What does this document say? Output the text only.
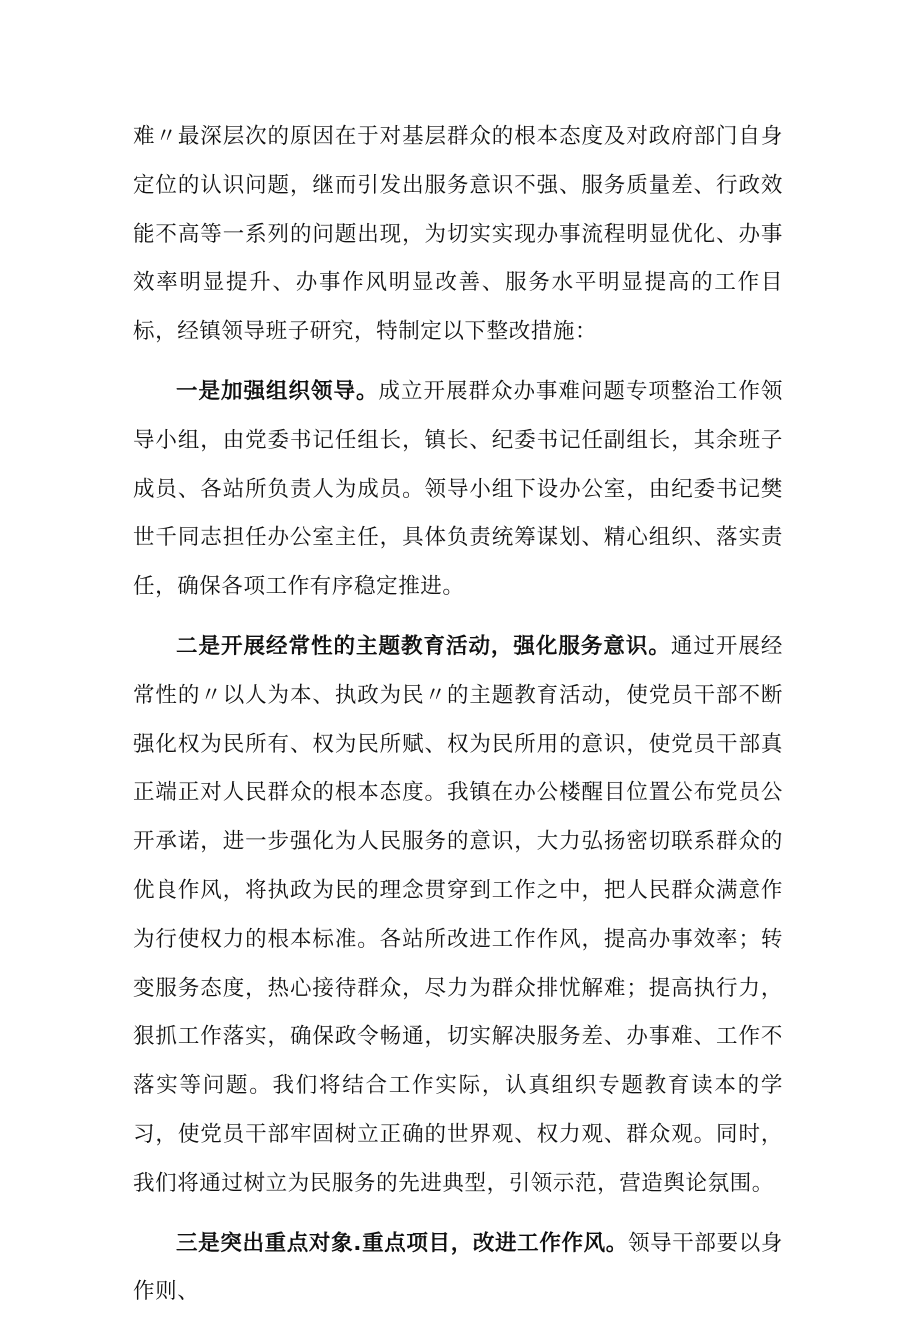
难〃最深层次的原因在于对基层群众的根本态度及对政府部门自身定位的认识问题，继而引发出服务意识不强、服务质量差、行政效能不高等一系列的问题出现，为切实实现办事流程明显优化、办事效率明显提升、办事作风明显改善、服务水平明显提高的工作目标，经镇领导班子研究，特制定以下整改措施：

一是加强组织领导。成立开展群众办事难问题专项整治工作领导小组，由党委书记任组长，镇长、纪委书记任副组长，其余班子成员、各站所负责人为成员。领导小组下设办公室，由纪委书记樊世千同志担任办公室主任，具体负责统筹谋划、精心组织、落实责任，确保各项工作有序稳定推进。

二是开展经常性的主题教育活动，强化服务意识。通过开展经常性的〃以人为本、执政为民〃的主题教育活动，使党员干部不断强化权为民所有、权为民所赋、权为民所用的意识，使党员干部真正端正对人民群众的根本态度。我镇在办公楼醒目位置公布党员公开承诺，进一步强化为人民服务的意识，大力弘扬密切联系群众的优良作风，将执政为民的理念贯穿到工作之中，把人民群众满意作为行使权力的根本标准。各站所改进工作作风，提高办事效率；转变服务态度，热心接待群众，尽力为群众排忧解难；提高执行力，狠抓工作落实，确保政令畅通，切实解决服务差、办事难、工作不落实等问题。我们将结合工作实际，认真组织专题教育读本的学习，使党员干部牢固树立正确的世界观、权力观、群众观。同时，我们将通过树立为民服务的先进典型，引领示范，营造舆论氛围。

三是突出重点对象.重点项目，改进工作作风。领导干部要以身作则、
